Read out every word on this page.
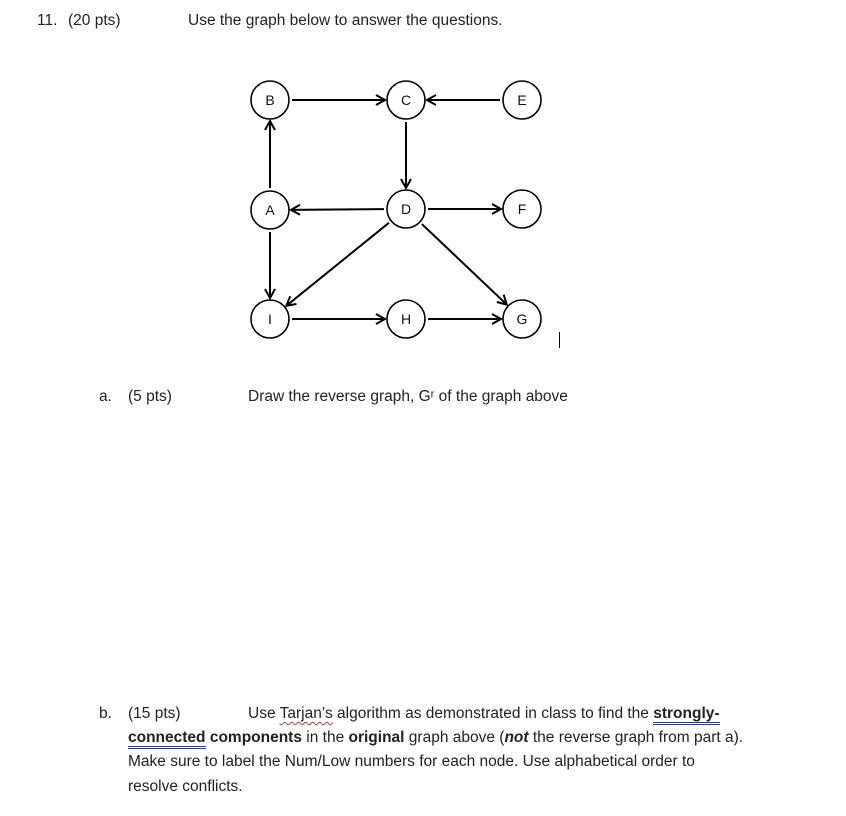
11. (20 pts)	Use the graph below to answer the questions.
B	C	E
A	D	F
I	H	G
a. (5 pts)	Draw the reverse graph, Gʳ of the graph above
b. (15 pts)	Use Tarjan’s algorithm as demonstrated in class to find the strongly-
connected components in the original graph above (not the reverse graph from part a).
Make sure to label the Num/Low numbers for each node. Use alphabetical order to
resolve conflicts.
